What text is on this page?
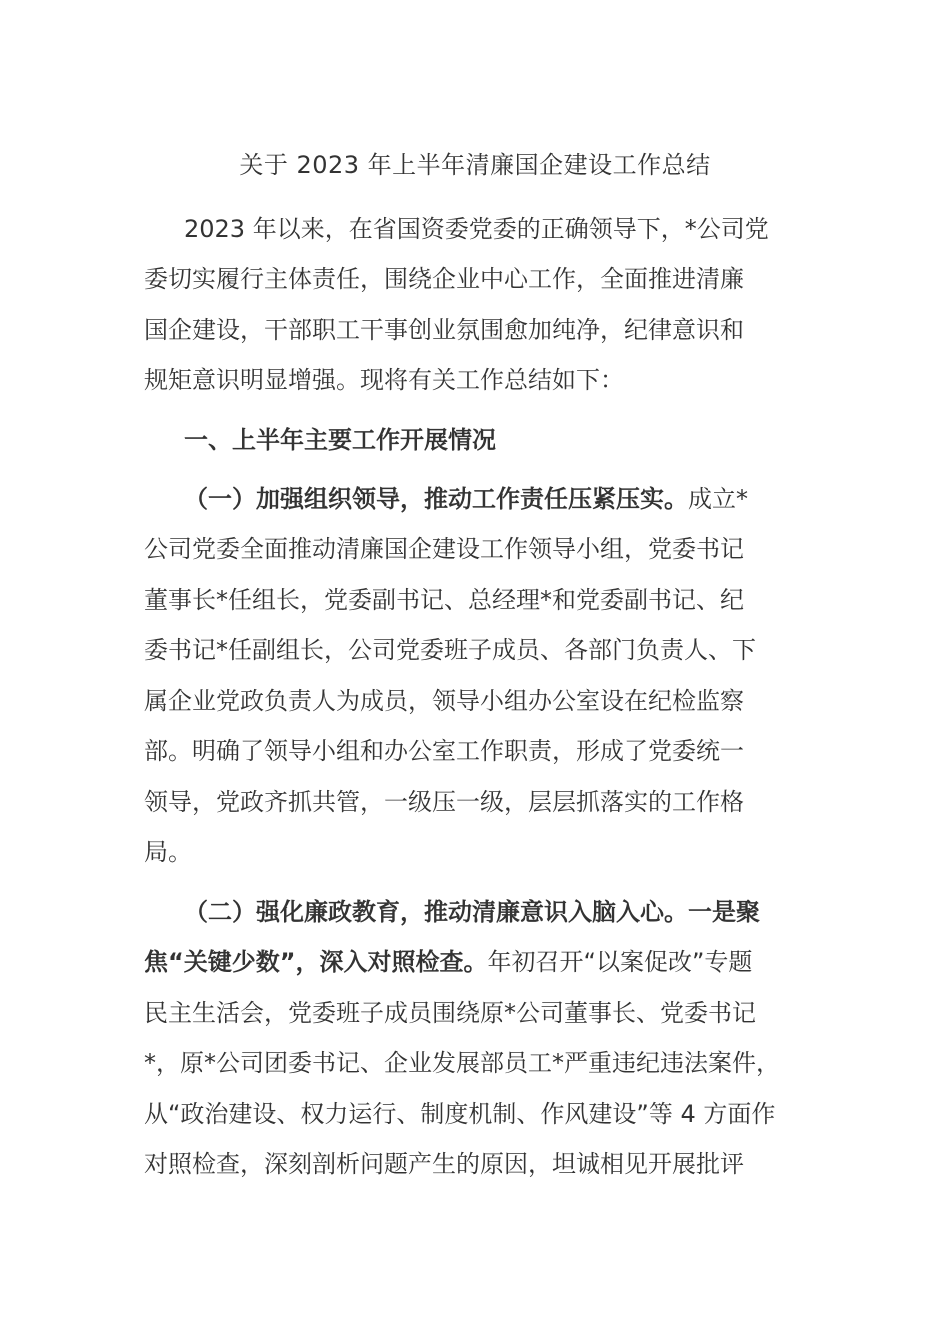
关于 2023 年上半年清廉国企建设工作总结
2023 年以来，在省国资委党委的正确领导下，*公司党
委切实履行主体责任，围绕企业中心工作，全面推进清廉
国企建设，干部职工干事创业氛围愈加纯净，纪律意识和
规矩意识明显增强。现将有关工作总结如下：
一、上半年主要工作开展情况
（一）加强组织领导，推动工作责任压紧压实。成立*
公司党委全面推动清廉国企建设工作领导小组，党委书记
董事长*任组长，党委副书记、总经理*和党委副书记、纪
委书记*任副组长，公司党委班子成员、各部门负责人、下
属企业党政负责人为成员，领导小组办公室设在纪检监察
部。明确了领导小组和办公室工作职责，形成了党委统一
领导，党政齐抓共管，一级压一级，层层抓落实的工作格
局。
（二）强化廉政教育，推动清廉意识入脑入心。一是聚
焦“关键少数”，深入对照检查。年初召开“以案促改”专题
民主生活会，党委班子成员围绕原*公司董事长、党委书记
*，原*公司团委书记、企业发展部员工*严重违纪违法案件，
从“政治建设、权力运行、制度机制、作风建设”等 4 方面作
对照检查，深刻剖析问题产生的原因，坦诚相见开展批评
